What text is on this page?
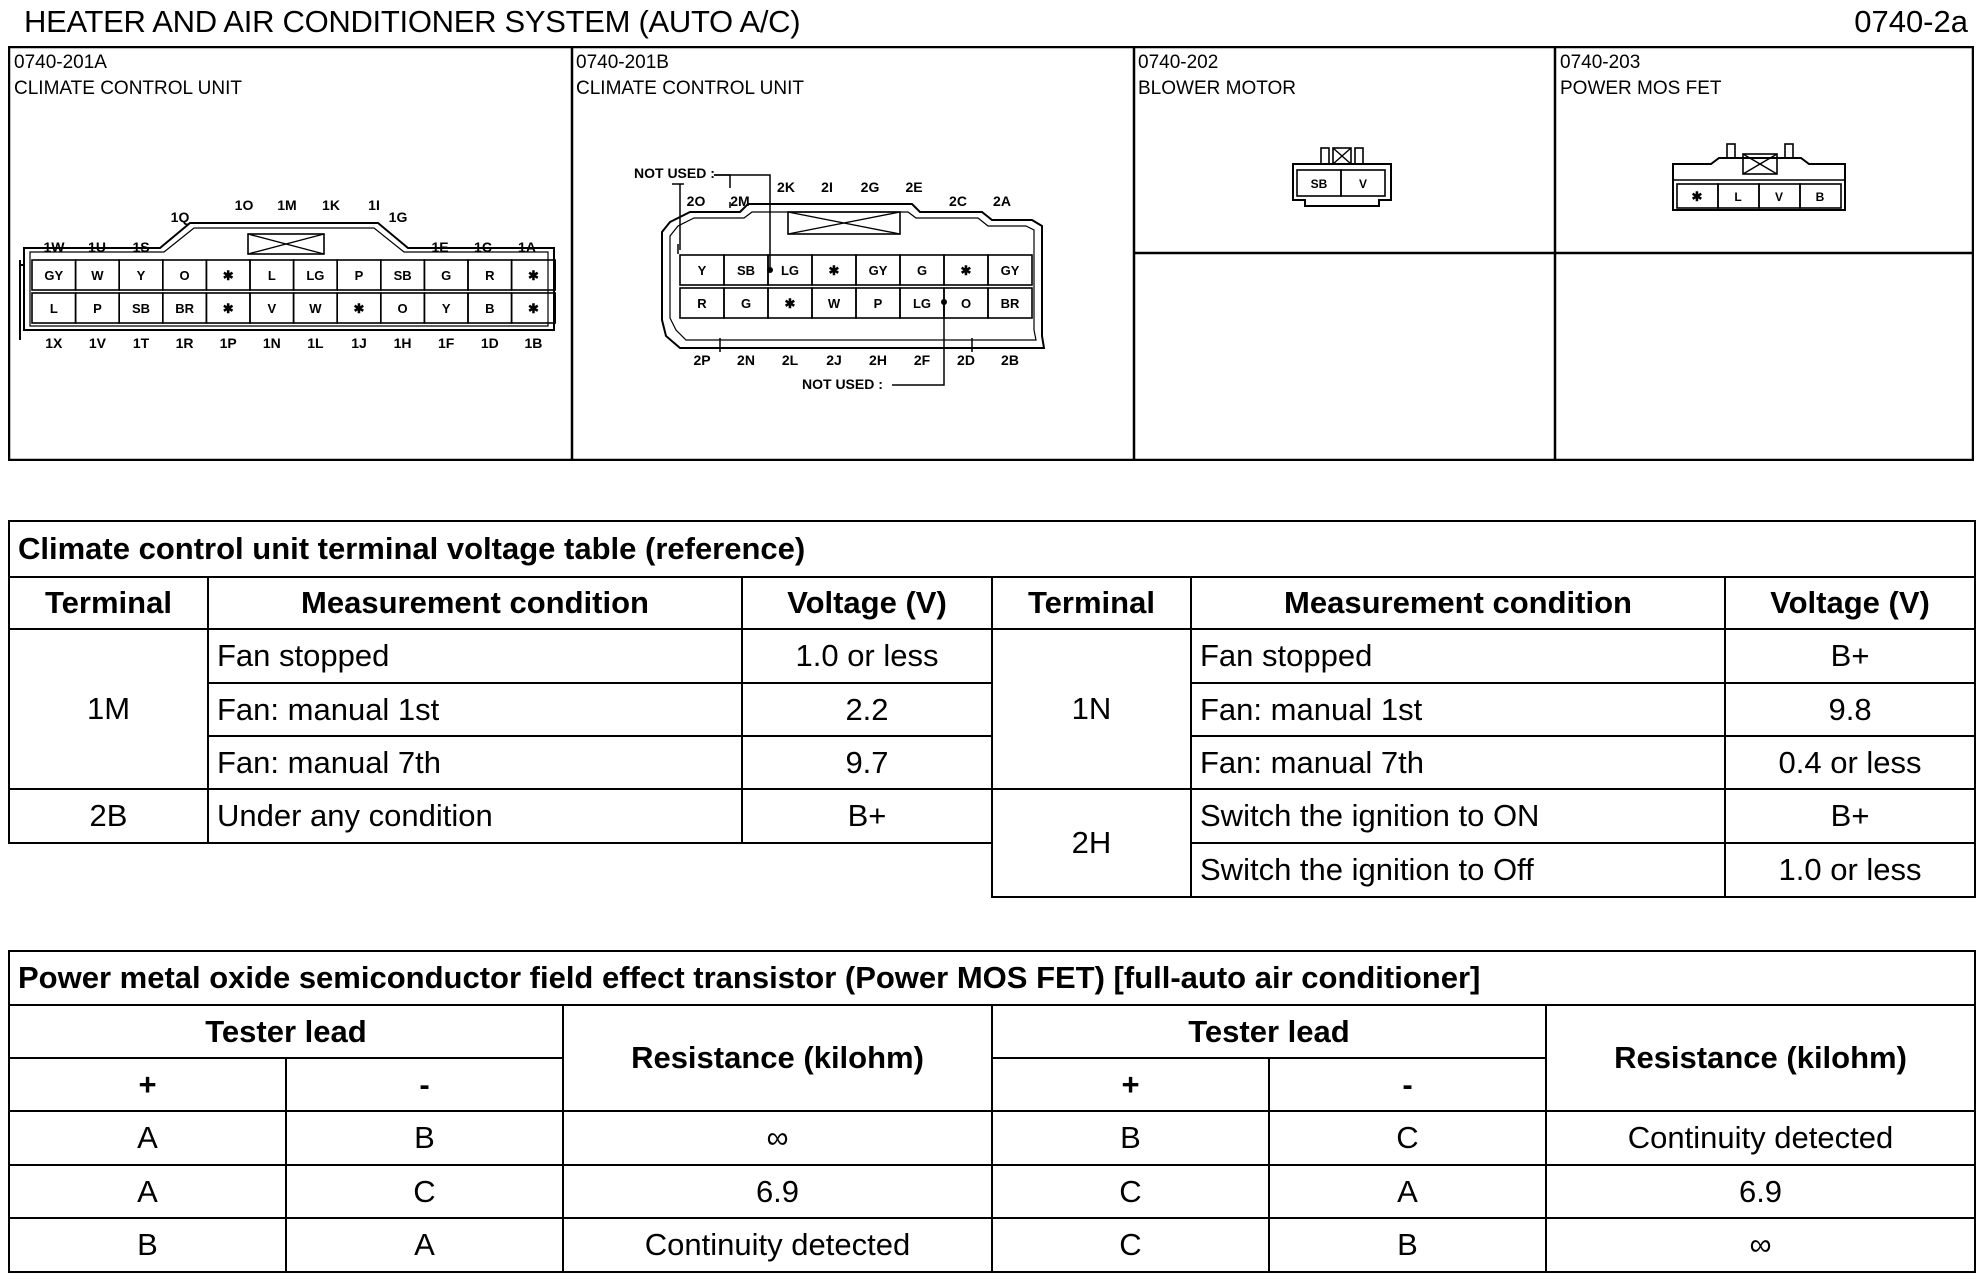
HEATER AND AIR CONDITIONER SYSTEM (AUTO A/C)	0740-2a
0740-201A
CLIMATE CONTROL UNIT
0740-201B
CLIMATE CONTROL UNIT
0740-202
BLOWER MOTOR
0740-203
POWER MOS FET
GY
L
W
P
Y
SB
O
BR
✱
✱
L
V
LG
W
P
✱
SB
O
G
Y
R
B
✱
✱
1X 1V 1T 1R 1P 1N 1L 1J 1H 1F 1D 1B
1O 1M 1K 1I
1Q	1G
1W 1U 1S	1E 1C 1A
Y
R
SB
G
LG
✱
✱
W
GY
P
G
LG
✱
O
GY
BR
2P 2N 2L 2J 2H 2F 2D 2B
2K 2I 2G 2E
2O 2M	2C 2A
NOT USED :
NOT USED :
SB	V
✱	L	V	B
Climate control unit terminal voltage table (reference)					
Terminal	Measurement condition	Voltage (V)	Terminal	Measurement condition	Voltage (V)
1M	Fan stopped	1.0 or less	1N	Fan stopped	B+
	Fan: manual 1st	2.2		Fan: manual 1st	9.8
	Fan: manual 7th	9.7		Fan: manual 7th	0.4 or less
2B	Under any condition	B+	2H	Switch the ignition to ON	B+
				Switch the ignition to Off	1.0 or less
Power metal oxide semiconductor field effect transistor (Power MOS FET) [full-auto air conditioner]					
Tester lead		Resistance (kilohm)	Tester lead		Resistance (kilohm)
+	-		+	-	
A	B	∞	B	C	Continuity detected
A	C	6.9	C	A	6.9
B	A	Continuity detected	C	B	∞
